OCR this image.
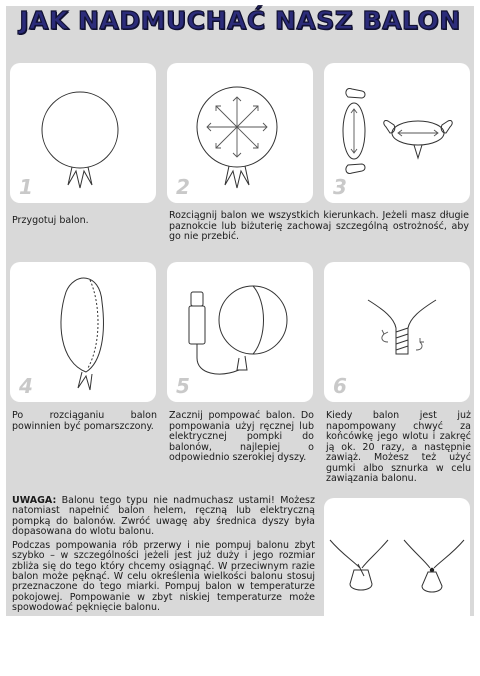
JAK NADMUCHAĆ NASZ BALON
1	2	3
Przygotuj balon.	Rozciągnij balon we wszystkich kierunkach. Jeżeli masz długie paznokcie lub biżuterię zachowaj szczególną ostrożność, aby go nie przebić.
4	5	6
Po rozciąganiu balon powinnien być pomarszczony.
Zacznij pompować balon. Do pompowania użyj ręcznej lub elektrycznej pompki do balonów, najlepiej o odpowiednio szerokiej dyszy.
Kiedy balon jest już napompowany chwyć za końcówkę jego wlotu i zakręć ją ok. 20 razy, a następnie zawiąż. Możesz też użyć gumki albo sznurka w celu zawiązania balonu.

UWAGA: Balonu tego typu nie nadmuchasz ustami! Możesz natomiast napełnić balon helem, ręczną lub elektryczną pompką do balonów. Zwróć uwagę aby średnica dyszy była dopasowana do wlotu balonu.

Podczas pompowania rób przerwy i nie pompuj balonu zbyt szybko – w szczególności jeżeli jest już duży i jego rozmiar zbliża się do tego który chcemy osiągnąć. W przeciwnym razie balon może pęknąć. W celu określenia wielkości balonu stosuj przeznaczone do tego miarki. Pompuj balon w temperaturze pokojowej. Pompowanie w zbyt niskiej temperaturze może spowodować pęknięcie balonu.
